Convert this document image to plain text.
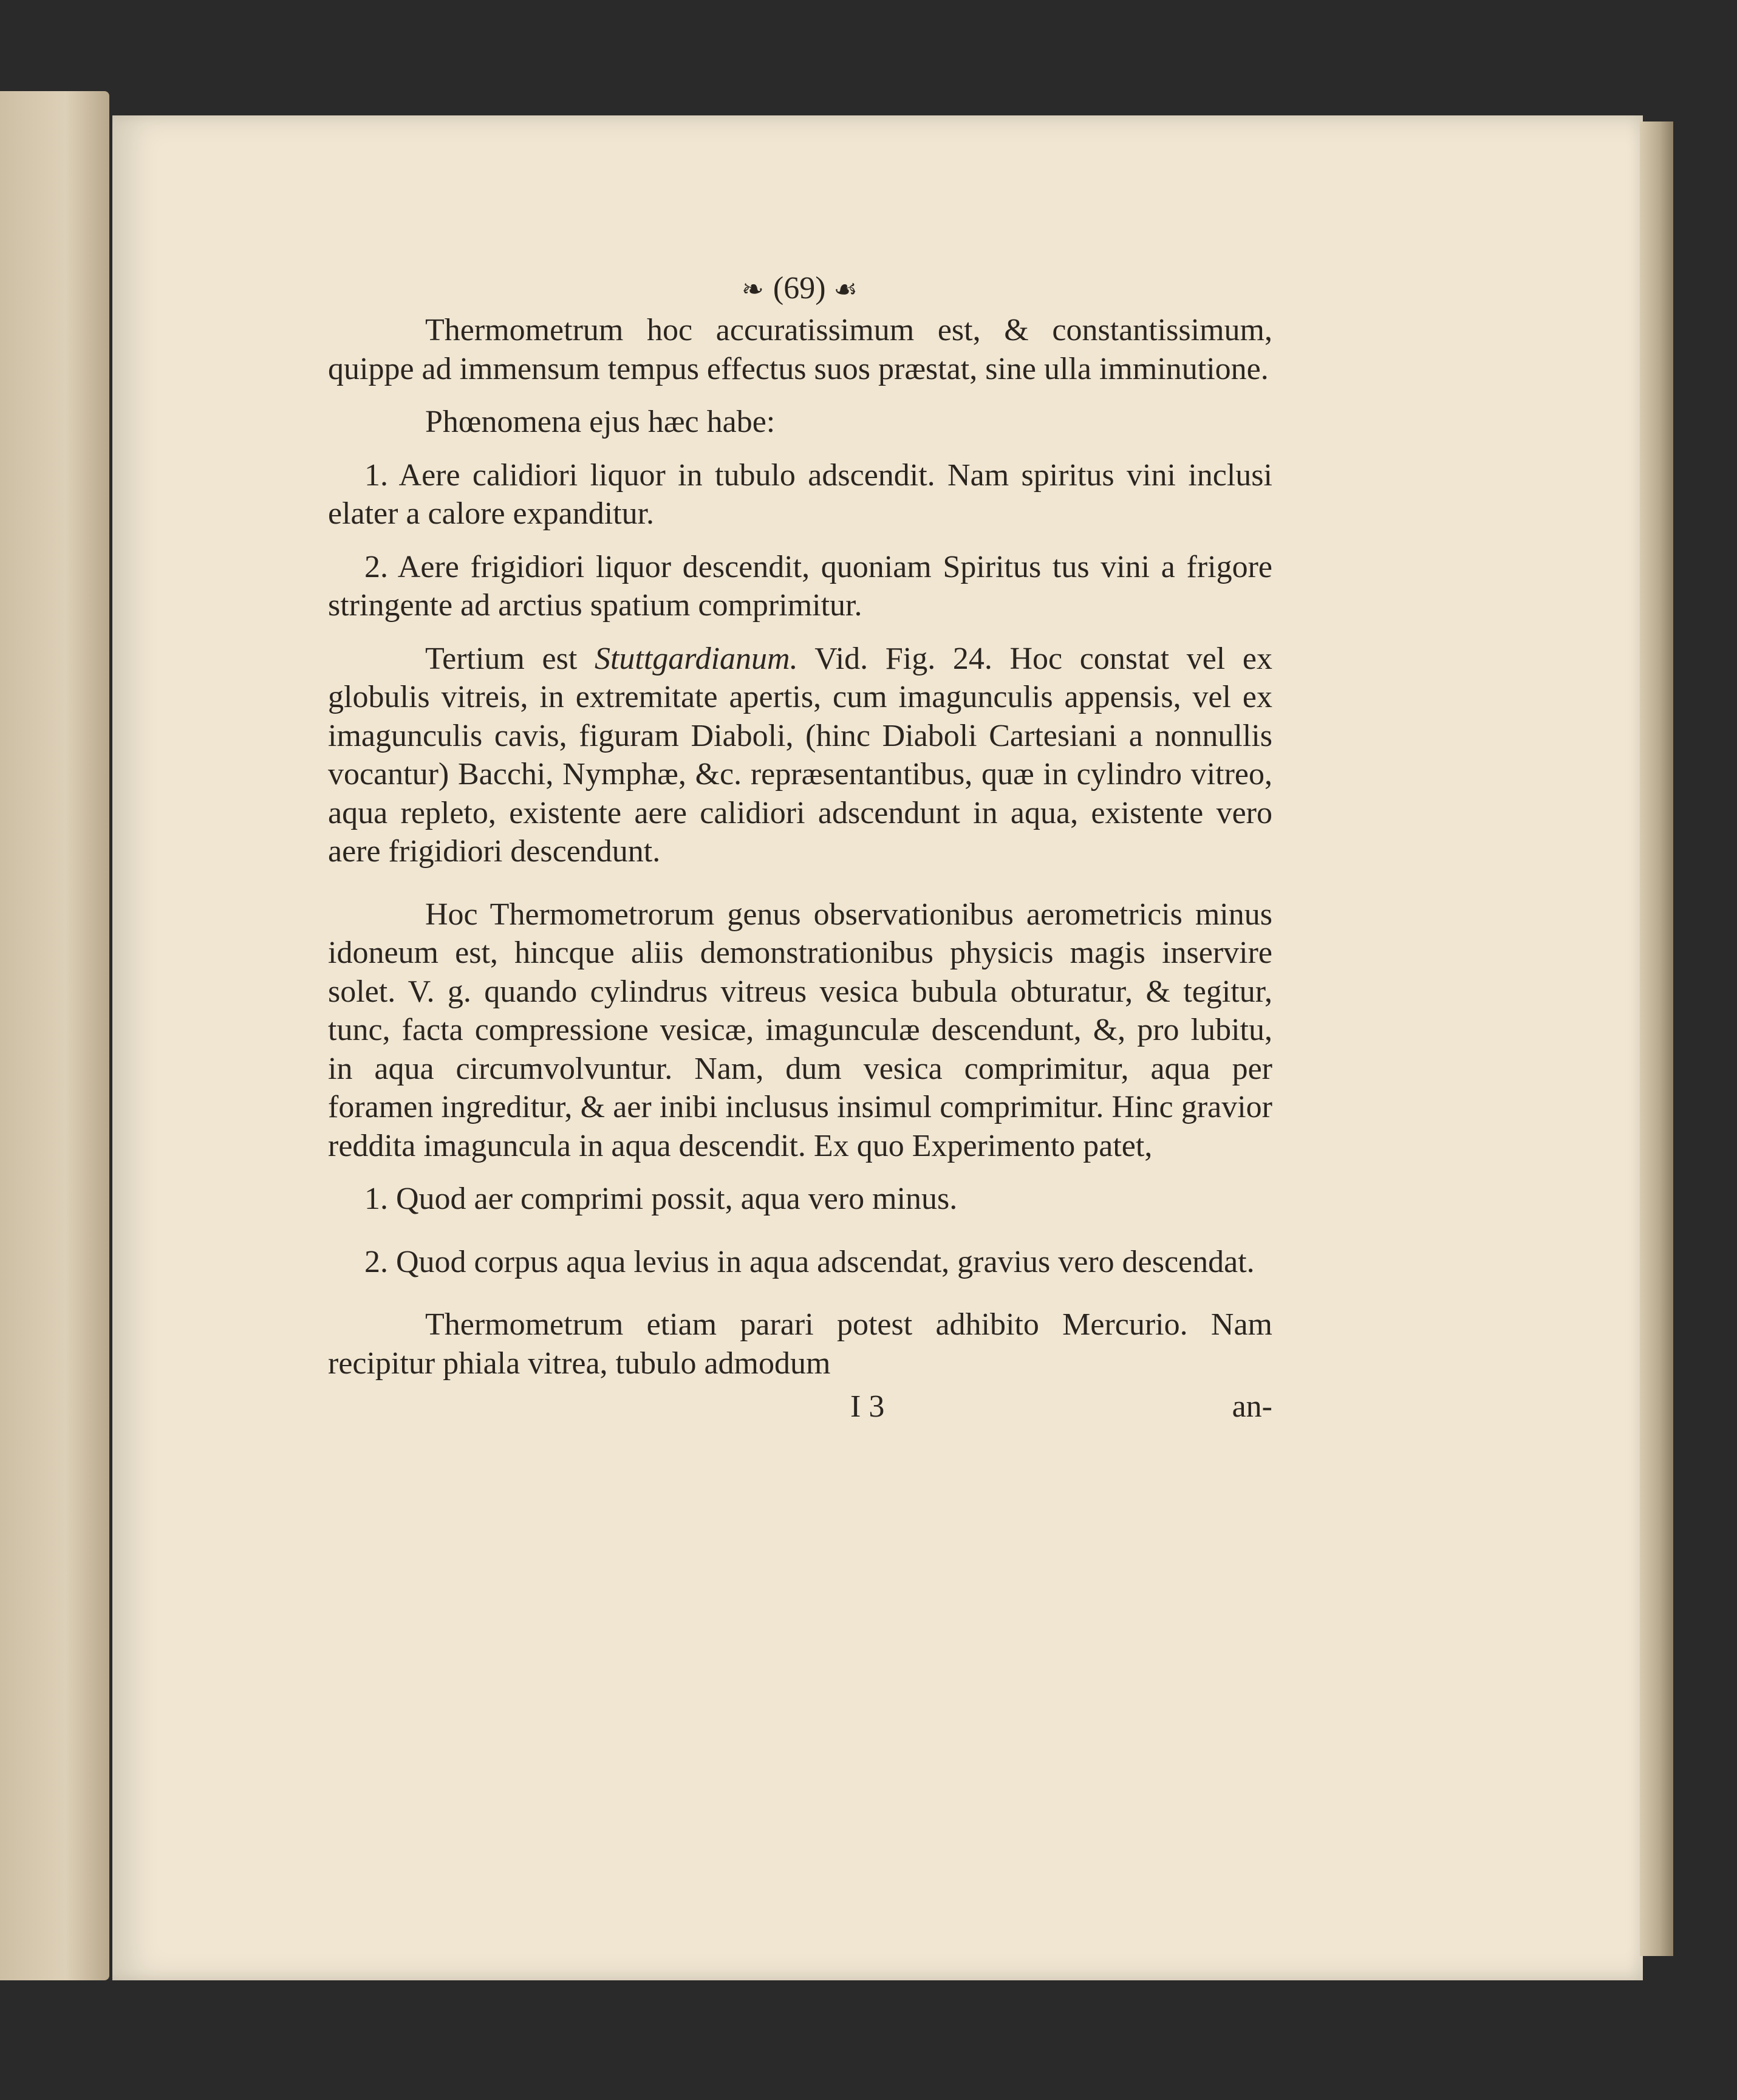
❧ (69) ☙

Thermometrum hoc accuratissimum est, & constantissimum, quippe ad immensum tempus effectus suos præstat, sine ulla imminutione.

Phœnomena ejus hæc habe:

1. Aere calidiori liquor in tubulo adscendit. Nam spiritus vini inclusi elater a calore expanditur.

2. Aere frigidiori liquor descendit, quoniam Spiritus tus vini a frigore stringente ad arctius spatium comprimitur.

Tertium est Stuttgardianum. Vid. Fig. 24. Hoc constat vel ex globulis vitreis, in extremitate apertis, cum imagunculis appensis, vel ex imagunculis cavis, figuram Diaboli, (hinc Diaboli Cartesiani a nonnullis vocantur) Bacchi, Nymphæ, &c. repræsentantibus, quæ in cylindro vitreo, aqua repleto, existente aere calidiori adscendunt in aqua, existente vero aere frigidiori descendunt.

Hoc Thermometrorum genus observationibus aerometricis minus idoneum est, hincque aliis demonstrationibus physicis magis inservire solet. V. g. quando cylindrus vitreus vesica bubula obturatur, & tegitur, tunc, facta compressione vesicæ, imagunculæ descendunt, &, pro lubitu, in aqua circumvolvuntur. Nam, dum vesica comprimitur, aqua per foramen ingreditur, & aer inibi inclusus insimul comprimitur. Hinc gravior reddita imagunculа in aqua descendit. Ex quo Experimento patet,

1. Quod aer comprimi possit, aqua vero minus.

2. Quod corpus aqua levius in aqua adscendat, gravius vero descendat.

Thermometrum etiam parari potest adhibito Mercurio. Nam recipitur phiala vitrea, tubulo admodum

I 3	an-
